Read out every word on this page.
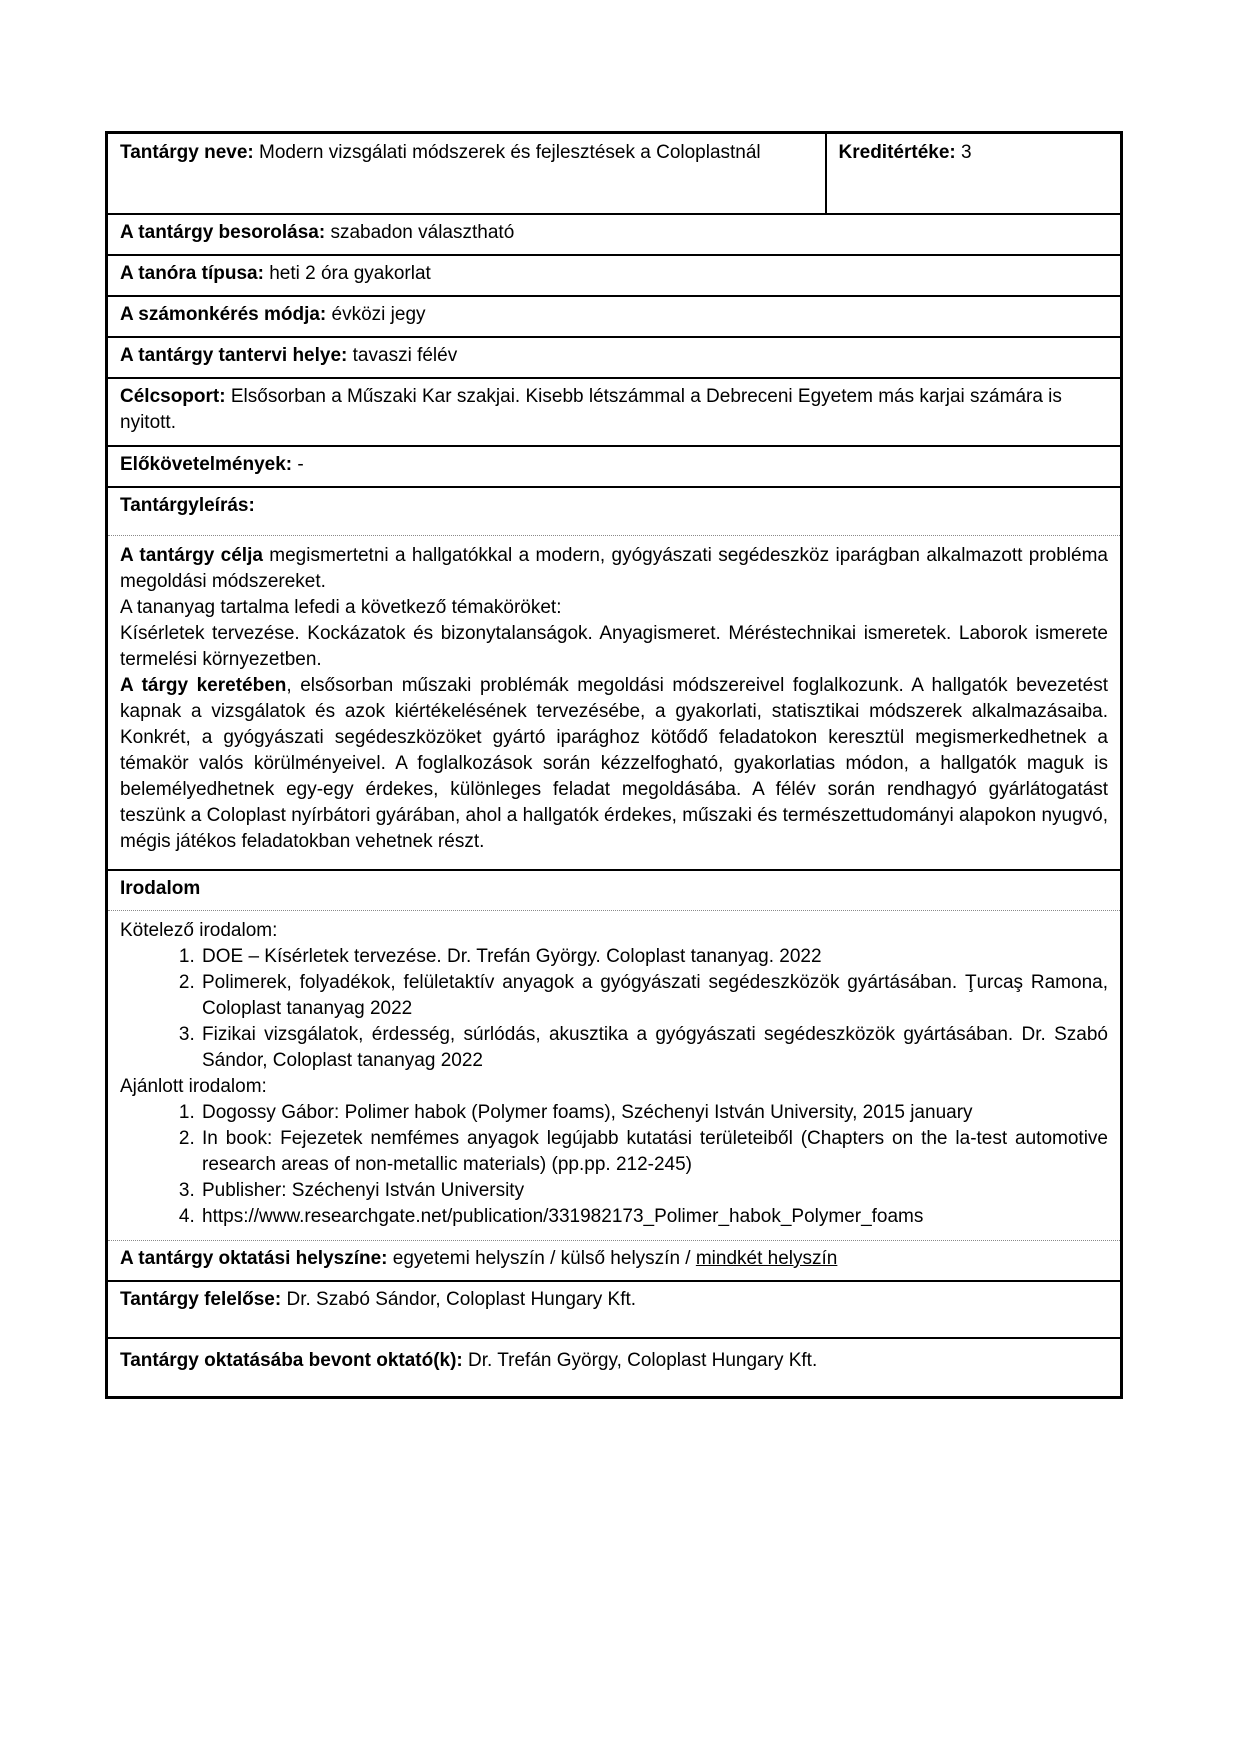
Tantárgy neve: Modern vizsgálati módszerek és fejlesztések a Coloplastnál	Kreditértéke: 3
A tantárgy besorolása: szabadon választható
A tanóra típusa: heti 2 óra gyakorlat
A számonkérés módja: évközi jegy
A tantárgy tantervi helye: tavaszi félév
Célcsoport: Elsősorban a Műszaki Kar szakjai. Kisebb létszámmal a Debreceni Egyetem más karjai számára is nyitott.
Előkövetelmények: -
Tantárgyleírás:

A tantárgy célja megismertetni a hallgatókkal a modern, gyógyászati segédeszköz iparágban alkalmazott probléma megoldási módszereket.

A tananyag tartalma lefedi a következő témaköröket:

Kísérletek tervezése. Kockázatok és bizonytalanságok. Anyagismeret. Méréstechnikai ismeretek. Laborok ismerete termelési környezetben.

A tárgy keretében, elsősorban műszaki problémák megoldási módszereivel foglalkozunk. A hallgatók bevezetést kapnak a vizsgálatok és azok kiértékelésének tervezésébe, a gyakorlati, statisztikai módszerek alkalmazásaiba. Konkrét, a gyógyászati segédeszközöket gyártó iparághoz kötődő feladatokon keresztül megismerkedhetnek a témakör valós körülményeivel. A foglalkozások során kézzelfogható, gyakorlatias módon, a hallgatók maguk is belemélyedhetnek egy-egy érdekes, különleges feladat megoldásába. A félév során rendhagyó gyárlátogatást teszünk a Coloplast nyírbátori gyárában, ahol a hallgatók érdekes, műszaki és természettudományi alapokon nyugvó, mégis játékos feladatokban vehetnek részt.

Irodalom

Kötelező irodalom:

1. DOE – Kísérletek tervezése. Dr. Trefán György. Coloplast tananyag. 2022
2. Polimerek, folyadékok, felületaktív anyagok a gyógyászati segédeszközök gyártásában. Ţurcaş Ramona, Coloplast tananyag 2022
3. Fizikai vizsgálatok, érdesség, súrlódás, akusztika a gyógyászati segédeszközök gyártásában. Dr. Szabó Sándor, Coloplast tananyag 2022

Ajánlott irodalom:

1. Dogossy Gábor: Polimer habok (Polymer foams), Széchenyi István University, 2015 january
2. In book: Fejezetek nemfémes anyagok legújabb kutatási területeiből (Chapters on the la-test automotive research areas of non-metallic materials) (pp.pp. 212-245)
3. Publisher: Széchenyi István University
4. https://www.researchgate.net/publication/331982173_Polimer_habok_Polymer_foams
A tantárgy oktatási helyszíne: egyetemi helyszín / külső helyszín / mindkét helyszín
Tantárgy felelőse: Dr. Szabó Sándor, Coloplast Hungary Kft.
Tantárgy oktatásába bevont oktató(k): Dr. Trefán György, Coloplast Hungary Kft.
